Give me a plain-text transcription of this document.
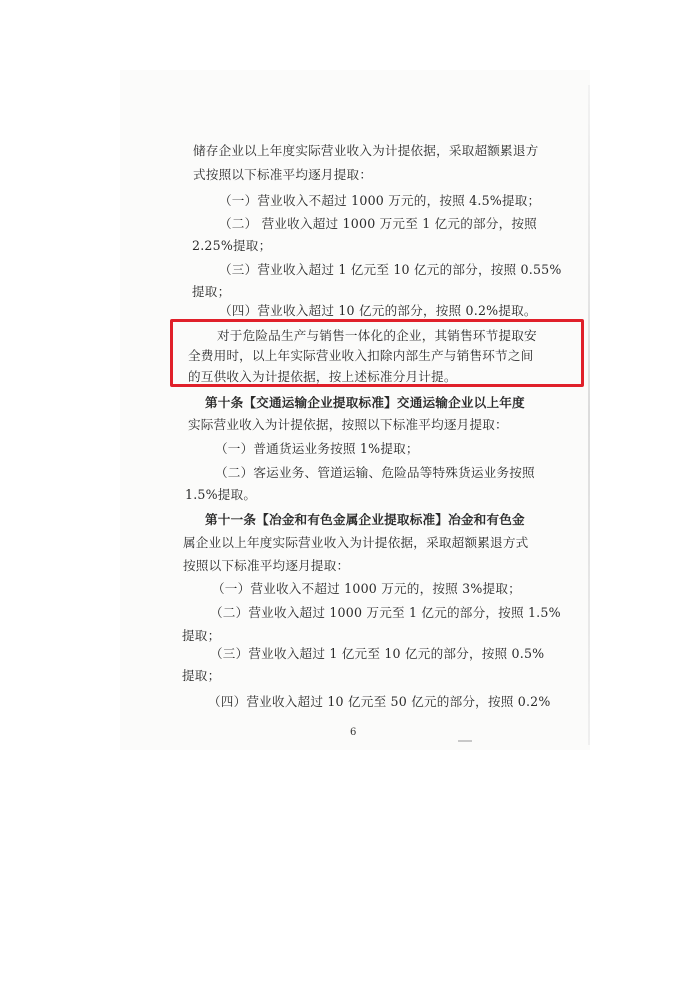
储存企业以上年度实际营业收入为计提依据，采取超额累退方
式按照以下标准平均逐月提取：
（一）营业收入不超过 1000 万元的，按照 4.5%提取；
（二） 营业收入超过 1000 万元至 1 亿元的部分，按照
2.25%提取；
（三）营业收入超过 1 亿元至 10 亿元的部分，按照 0.55%
提取；
（四）营业收入超过 10 亿元的部分，按照 0.2%提取。
对于危险品生产与销售一体化的企业，其销售环节提取安
全费用时，以上年实际营业收入扣除内部生产与销售环节之间
的互供收入为计提依据，按上述标准分月计提。
第十条【交通运输企业提取标准】交通运输企业以上年度
实际营业收入为计提依据，按照以下标准平均逐月提取：
（一）普通货运业务按照 1%提取；
（二）客运业务、管道运输、危险品等特殊货运业务按照
1.5%提取。
第十一条【冶金和有色金属企业提取标准】冶金和有色金
属企业以上年度实际营业收入为计提依据，采取超额累退方式
按照以下标准平均逐月提取：
（一）营业收入不超过 1000 万元的，按照 3%提取；
（二）营业收入超过 1000 万元至 1 亿元的部分，按照 1.5%
提取；
（三）营业收入超过 1 亿元至 10 亿元的部分，按照 0.5%
提取；
（四）营业收入超过 10 亿元至 50 亿元的部分，按照 0.2%
6
